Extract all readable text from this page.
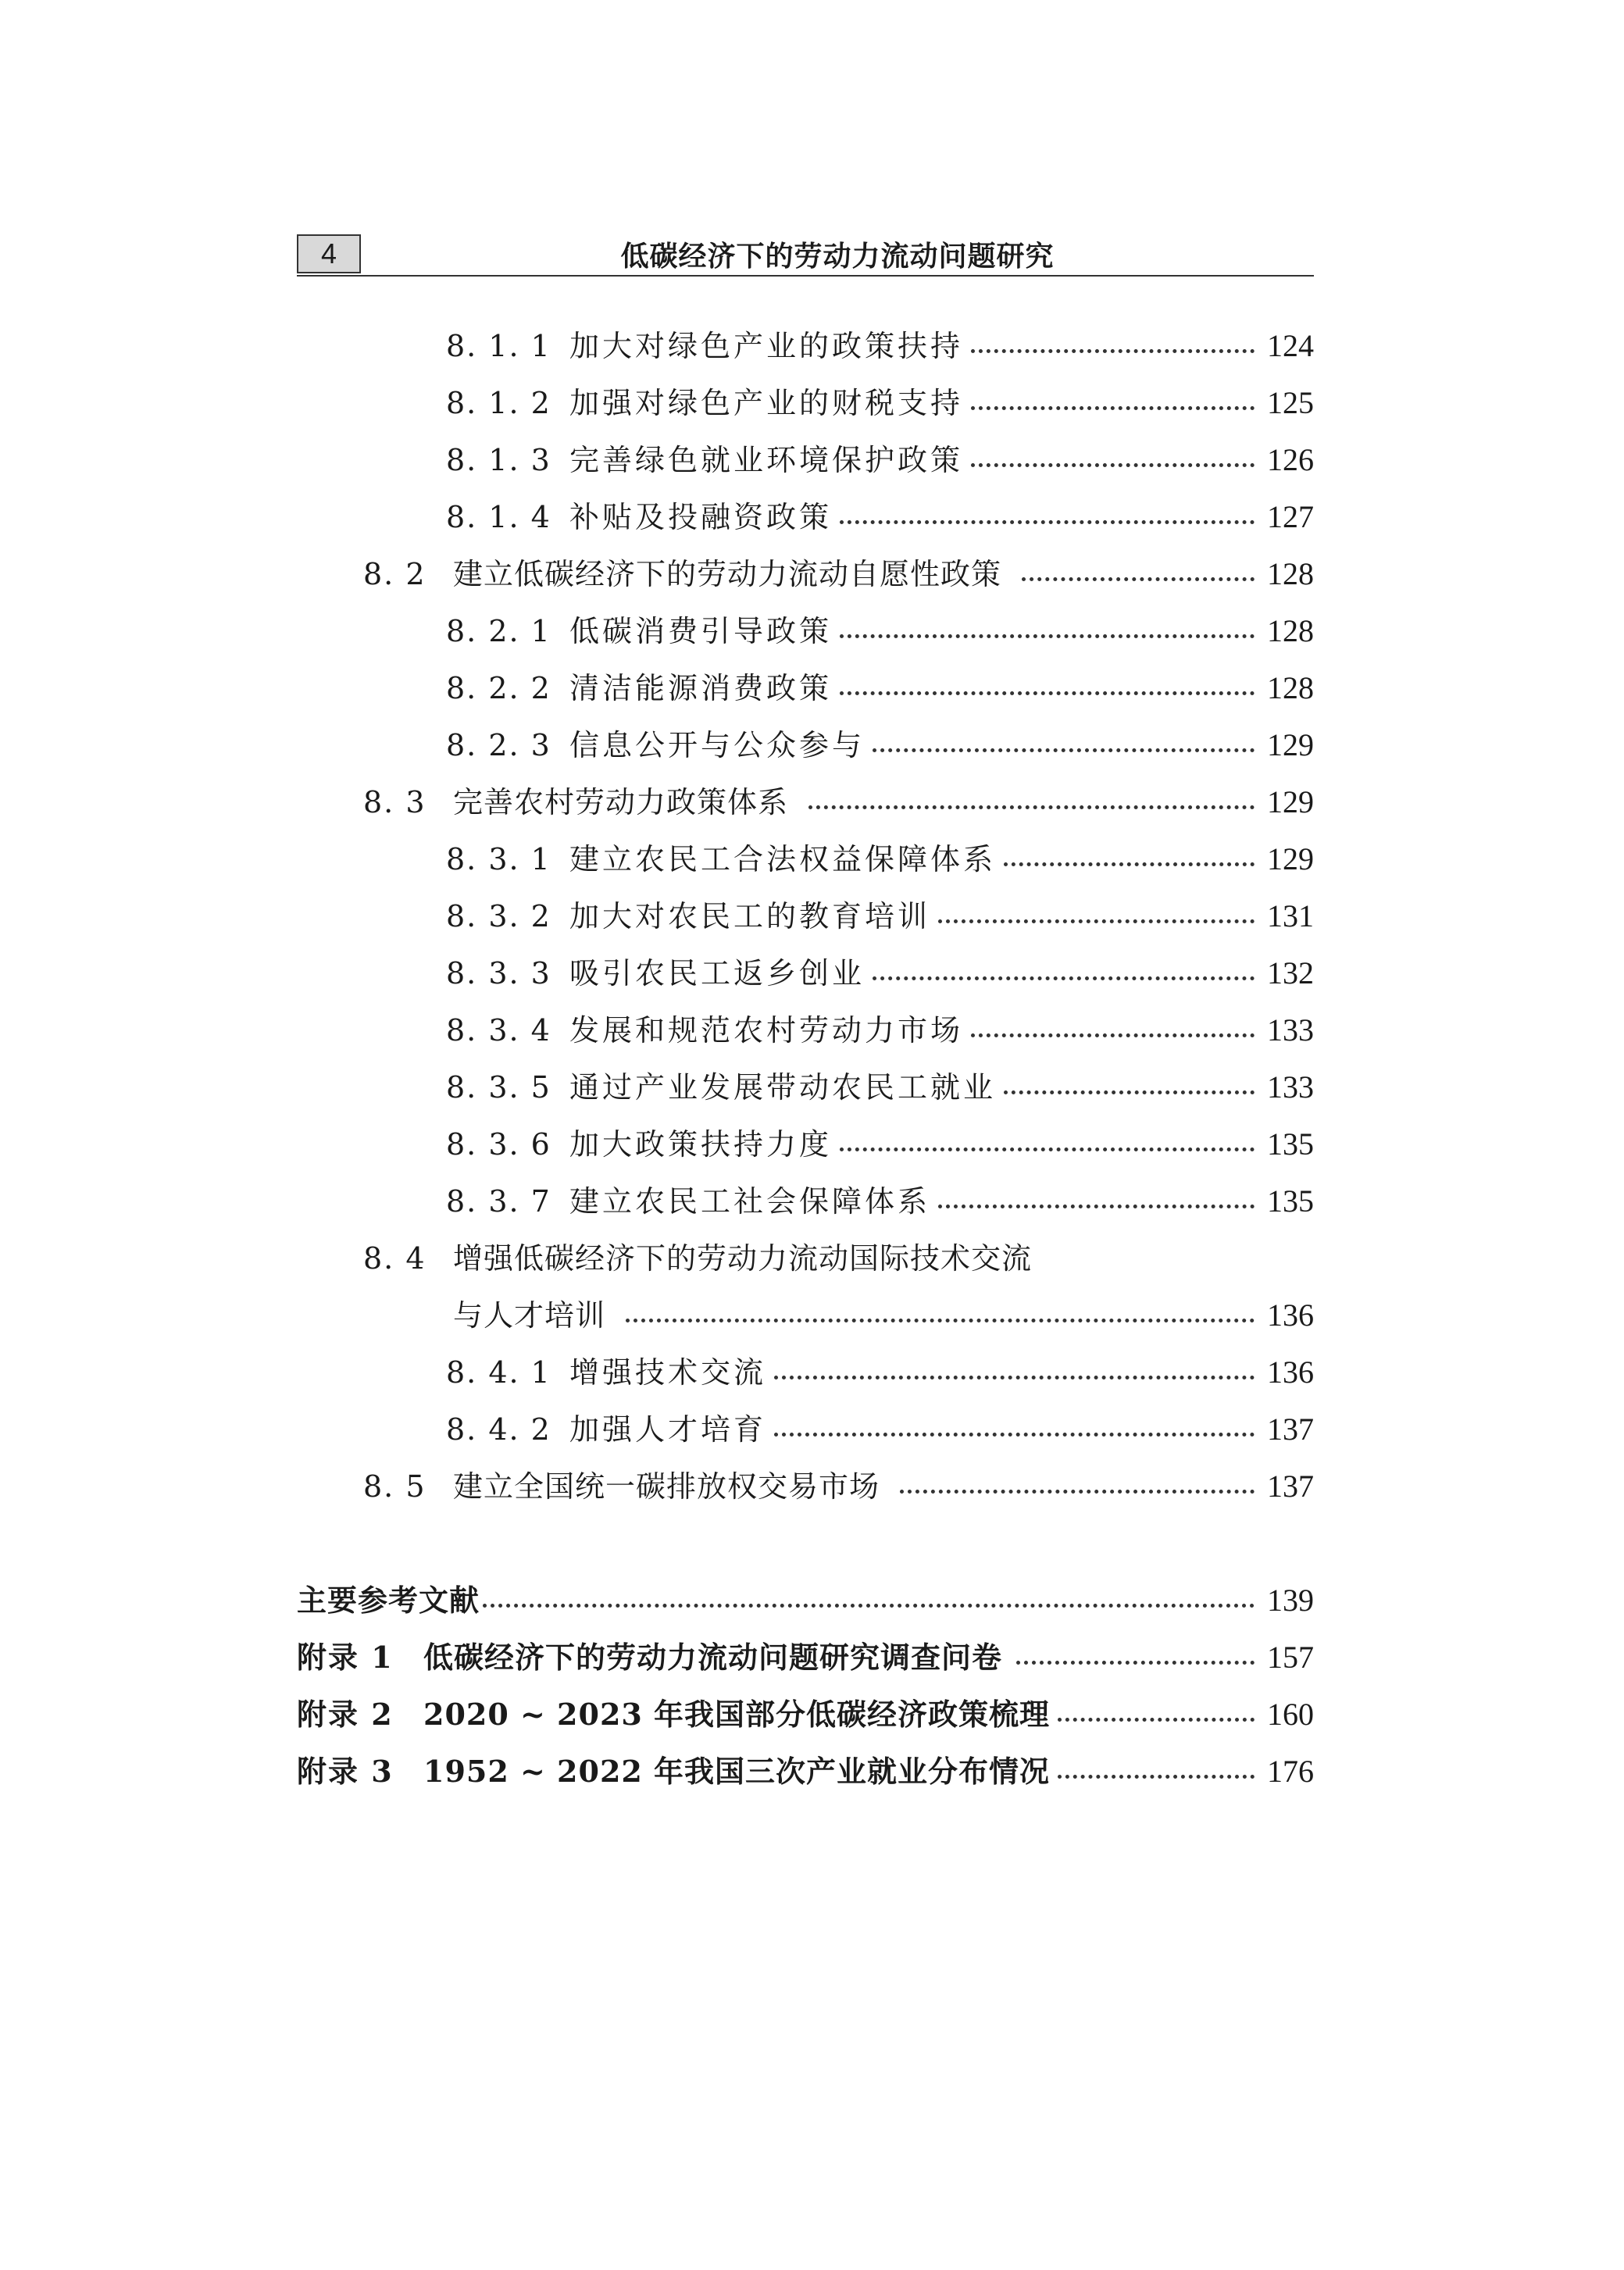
4	低碳经济下的劳动力流动问题研究
8. 1. 1 加大对绿色产业的政策扶持	124
8. 1. 2 加强对绿色产业的财税支持	125
8. 1. 3 完善绿色就业环境保护政策	126
8. 1. 4 补贴及投融资政策	127
8. 2 建立低碳经济下的劳动力流动自愿性政策	128
8. 2. 1 低碳消费引导政策	128
8. 2. 2 清洁能源消费政策	128
8. 2. 3 信息公开与公众参与	129
8. 3 完善农村劳动力政策体系	129
8. 3. 1 建立农民工合法权益保障体系	129
8. 3. 2 加大对农民工的教育培训	131
8. 3. 3 吸引农民工返乡创业	132
8. 3. 4 发展和规范农村劳动力市场	133
8. 3. 5 通过产业发展带动农民工就业	133
8. 3. 6 加大政策扶持力度	135
8. 3. 7 建立农民工社会保障体系	135
8. 4 增强低碳经济下的劳动力流动国际技术交流
与人才培训	136
8. 4. 1 增强技术交流	136
8. 4. 2 加强人才培育	137
8. 5 建立全国统一碳排放权交易市场	137
主要参考文献	139
附录 1	低碳经济下的劳动力流动问题研究调查问卷	157
附录 2	2020 ~ 2023 年我国部分低碳经济政策梳理	160
附录 3	1952 ~ 2022 年我国三次产业就业分布情况	176
